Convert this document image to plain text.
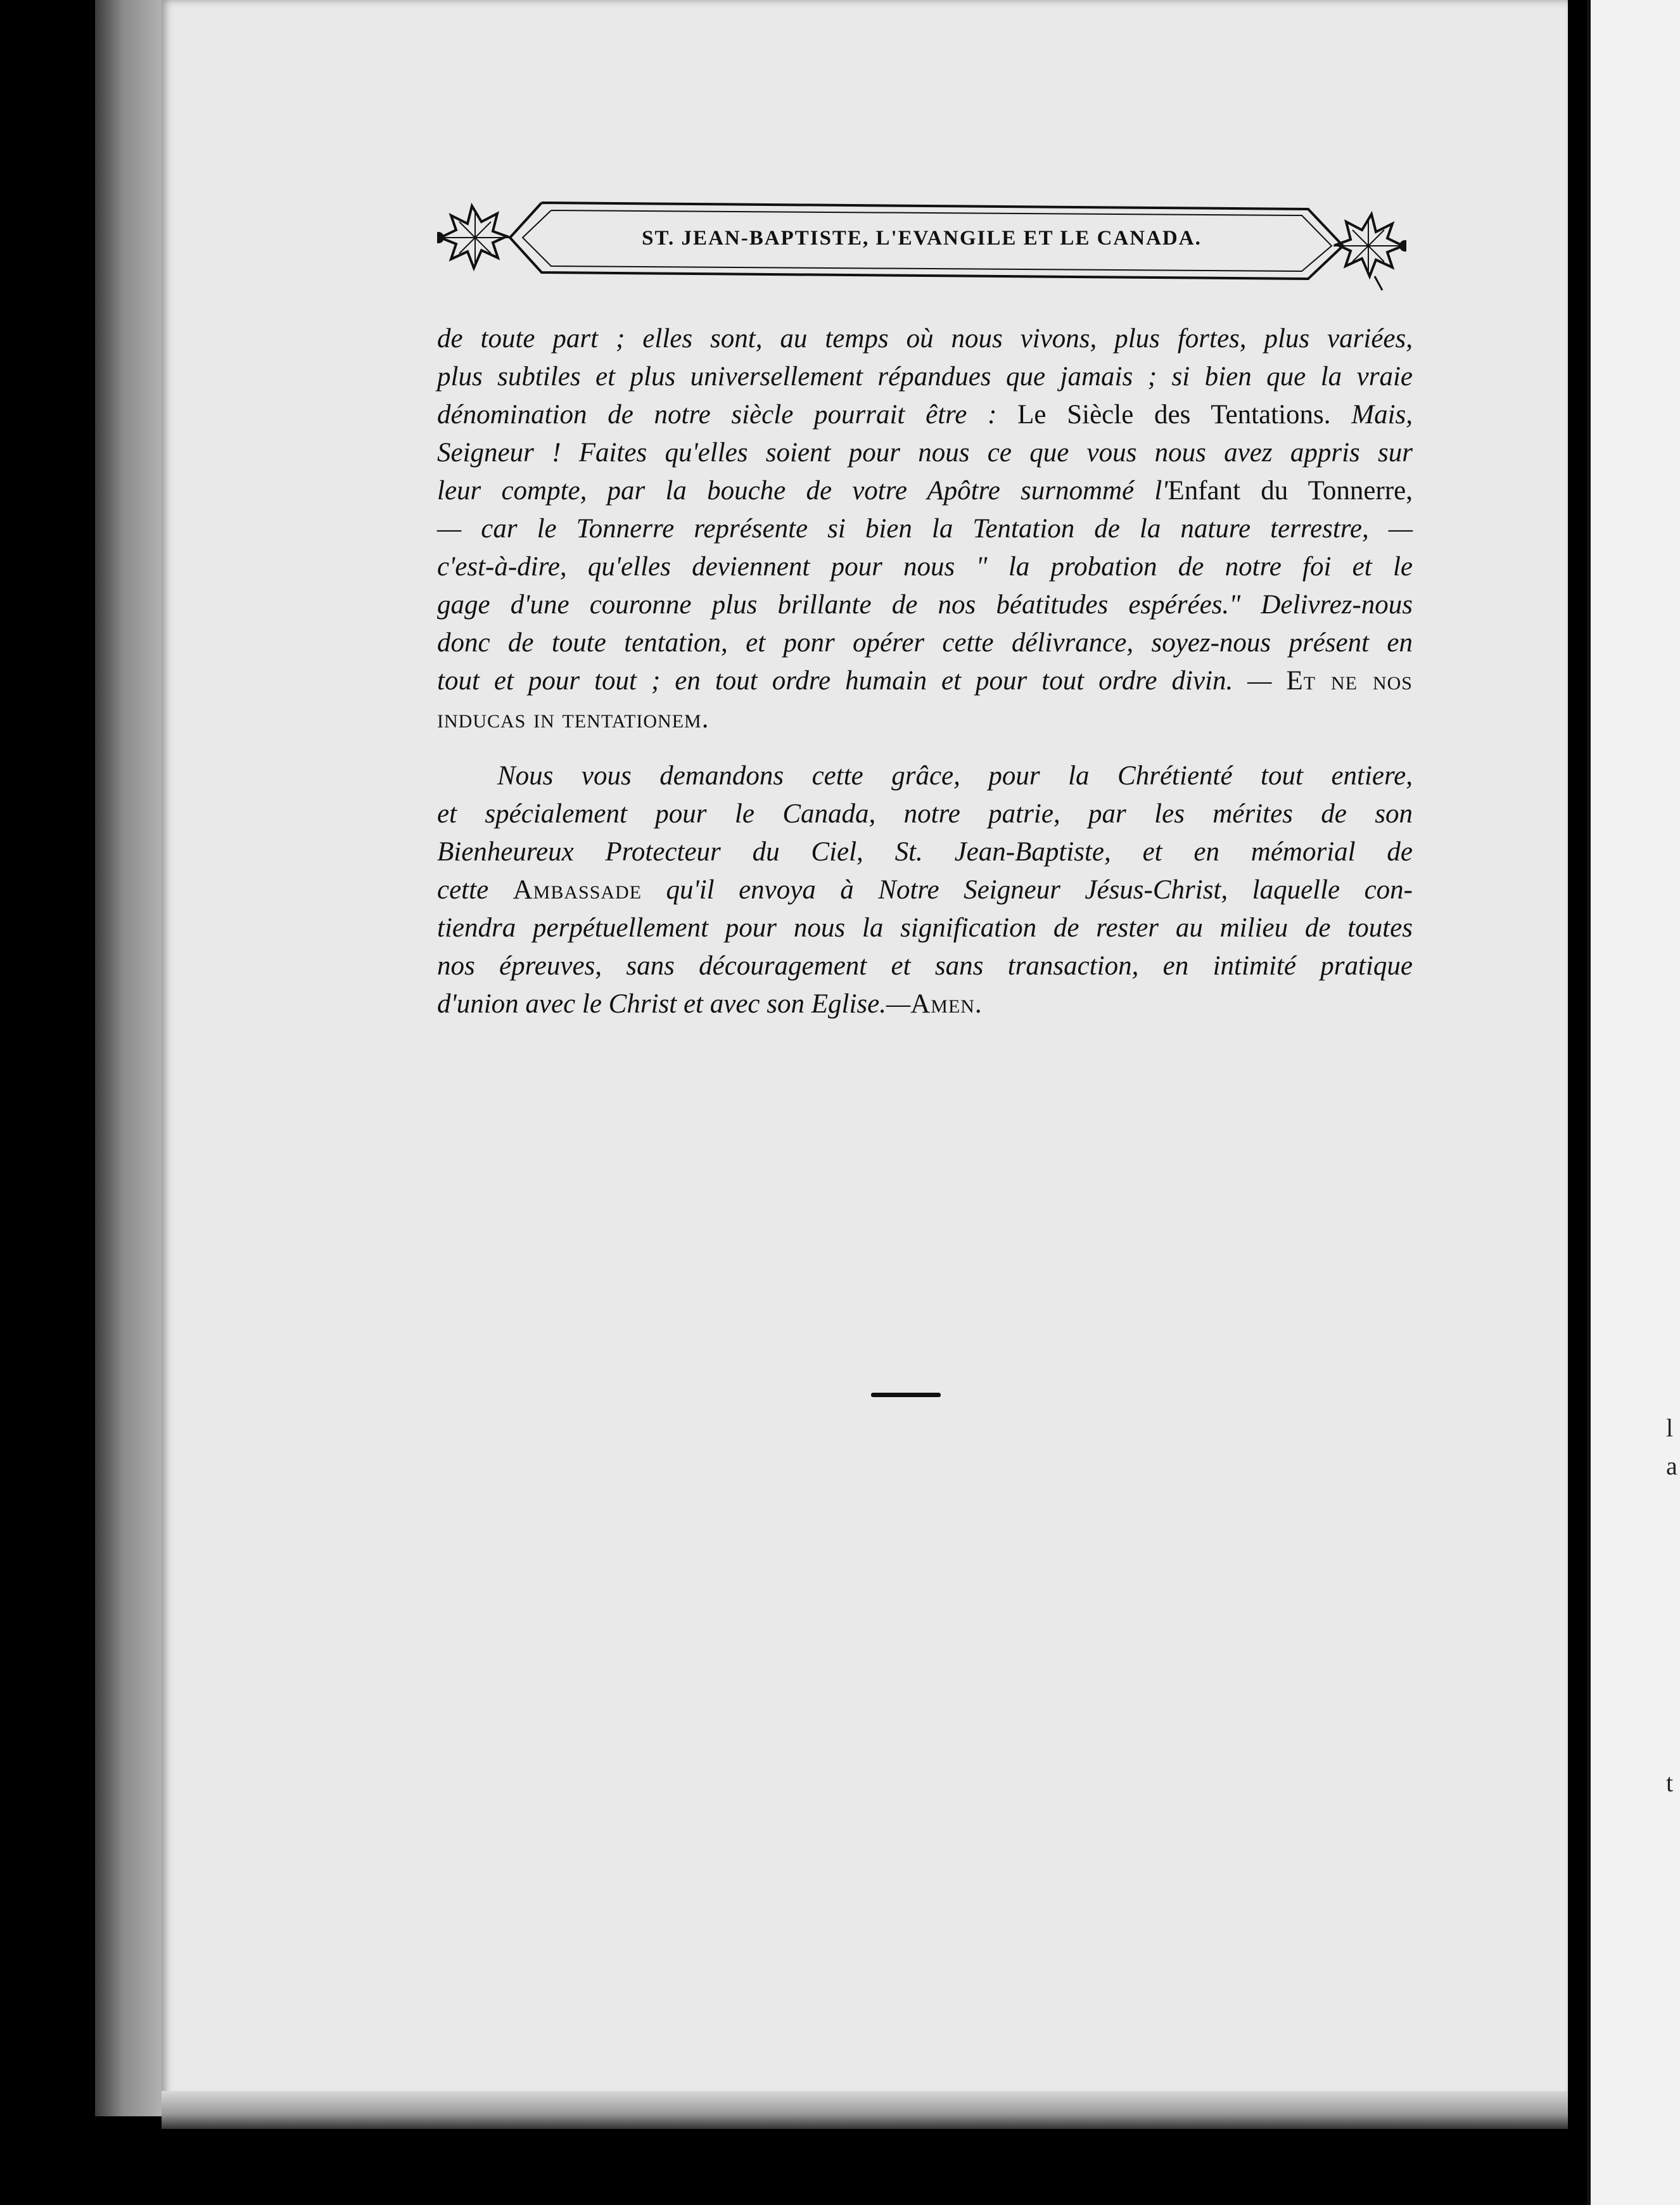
ST. JEAN-BAPTISTE, L'EVANGILE ET LE CANADA.
de toute part ; elles sont, au temps où nous vivons, plus fortes, plus variées,
plus subtiles et plus universellement répandues que jamais ; si bien que la vraie
dénomination de notre siècle pourrait être : Le Siècle des Tentations. Mais,
Seigneur ! Faites qu'elles soient pour nous ce que vous nous avez appris sur
leur compte, par la bouche de votre Apôtre surnommé l'Enfant du Tonnerre,
— car le Tonnerre représente si bien la Tentation de la nature terrestre, —
c'est-à-dire, qu'elles deviennent pour nous " la probation de notre foi et le
gage d'une couronne plus brillante de nos béatitudes espérées." Delivrez-nous
donc de toute tentation, et ponr opérer cette délivrance, soyez-nous présent en
tout et pour tout ; en tout ordre humain et pour tout ordre divin. — Et ne nos
inducas in tentationem.
Nous vous demandons cette grâce, pour la Chrétienté tout entiere,
et spécialement pour le Canada, notre patrie, par les mérites de son
Bienheureux Protecteur du Ciel, St. Jean-Baptiste, et en mémorial de
cette Ambassade qu'il envoya à Notre Seigneur Jésus-Christ, laquelle con-
tiendra perpétuellement pour nous la signification de rester au milieu de toutes
nos épreuves, sans découragement et sans transaction, en intimité pratique
d'union avec le Christ et avec son Eglise.—Amen.
l
a
t
